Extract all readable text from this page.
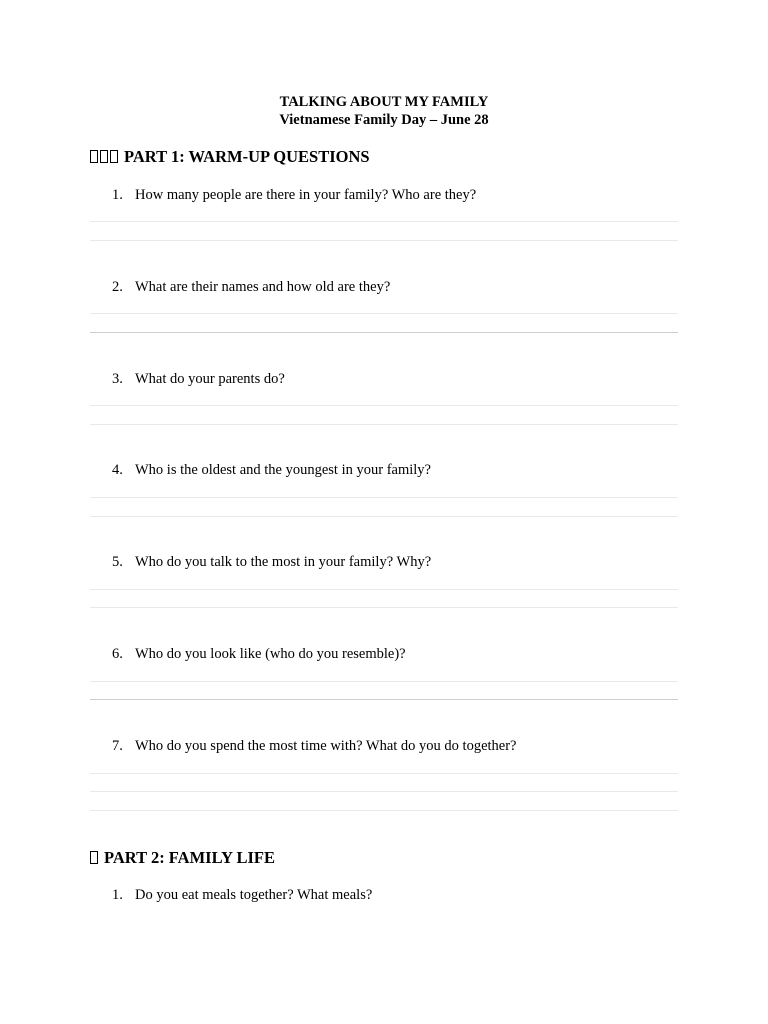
TALKING ABOUT MY FAMILY
Vietnamese Family Day – June 28
PART 1: WARM-UP QUESTIONS
1. How many people are there in your family? Who are they?
2. What are their names and how old are they?
3. What do your parents do?
4. Who is the oldest and the youngest in your family?
5. Who do you talk to the most in your family? Why?
6. Who do you look like (who do you resemble)?
7. Who do you spend the most time with? What do you do together?
PART 2: FAMILY LIFE
1. Do you eat meals together? What meals?
